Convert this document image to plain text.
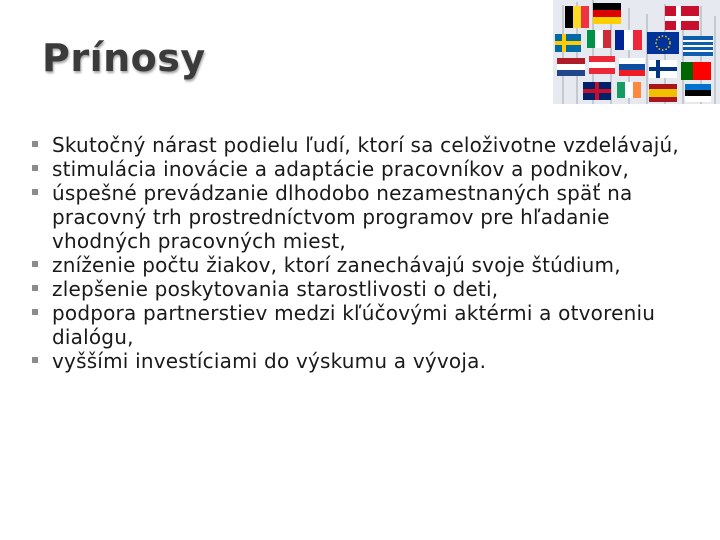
Prínosy
Skutočný nárast podielu ľudí, ktorí sa celoživotne vzdelávajú,
stimulácia inovácie a adaptácie pracovníkov a podnikov,
úspešné prevádzanie dlhodobo nezamestnaných späť na pracovný trh prostredníctvom programov pre hľadanie vhodných pracovných miest,
zníženie počtu žiakov, ktorí zanechávajú svoje štúdium,
zlepšenie poskytovania starostlivosti o deti,
podpora partnerstiev medzi kľúčovými aktérmi a otvoreniu dialógu,
vyššími investíciami do výskumu a vývoja.
